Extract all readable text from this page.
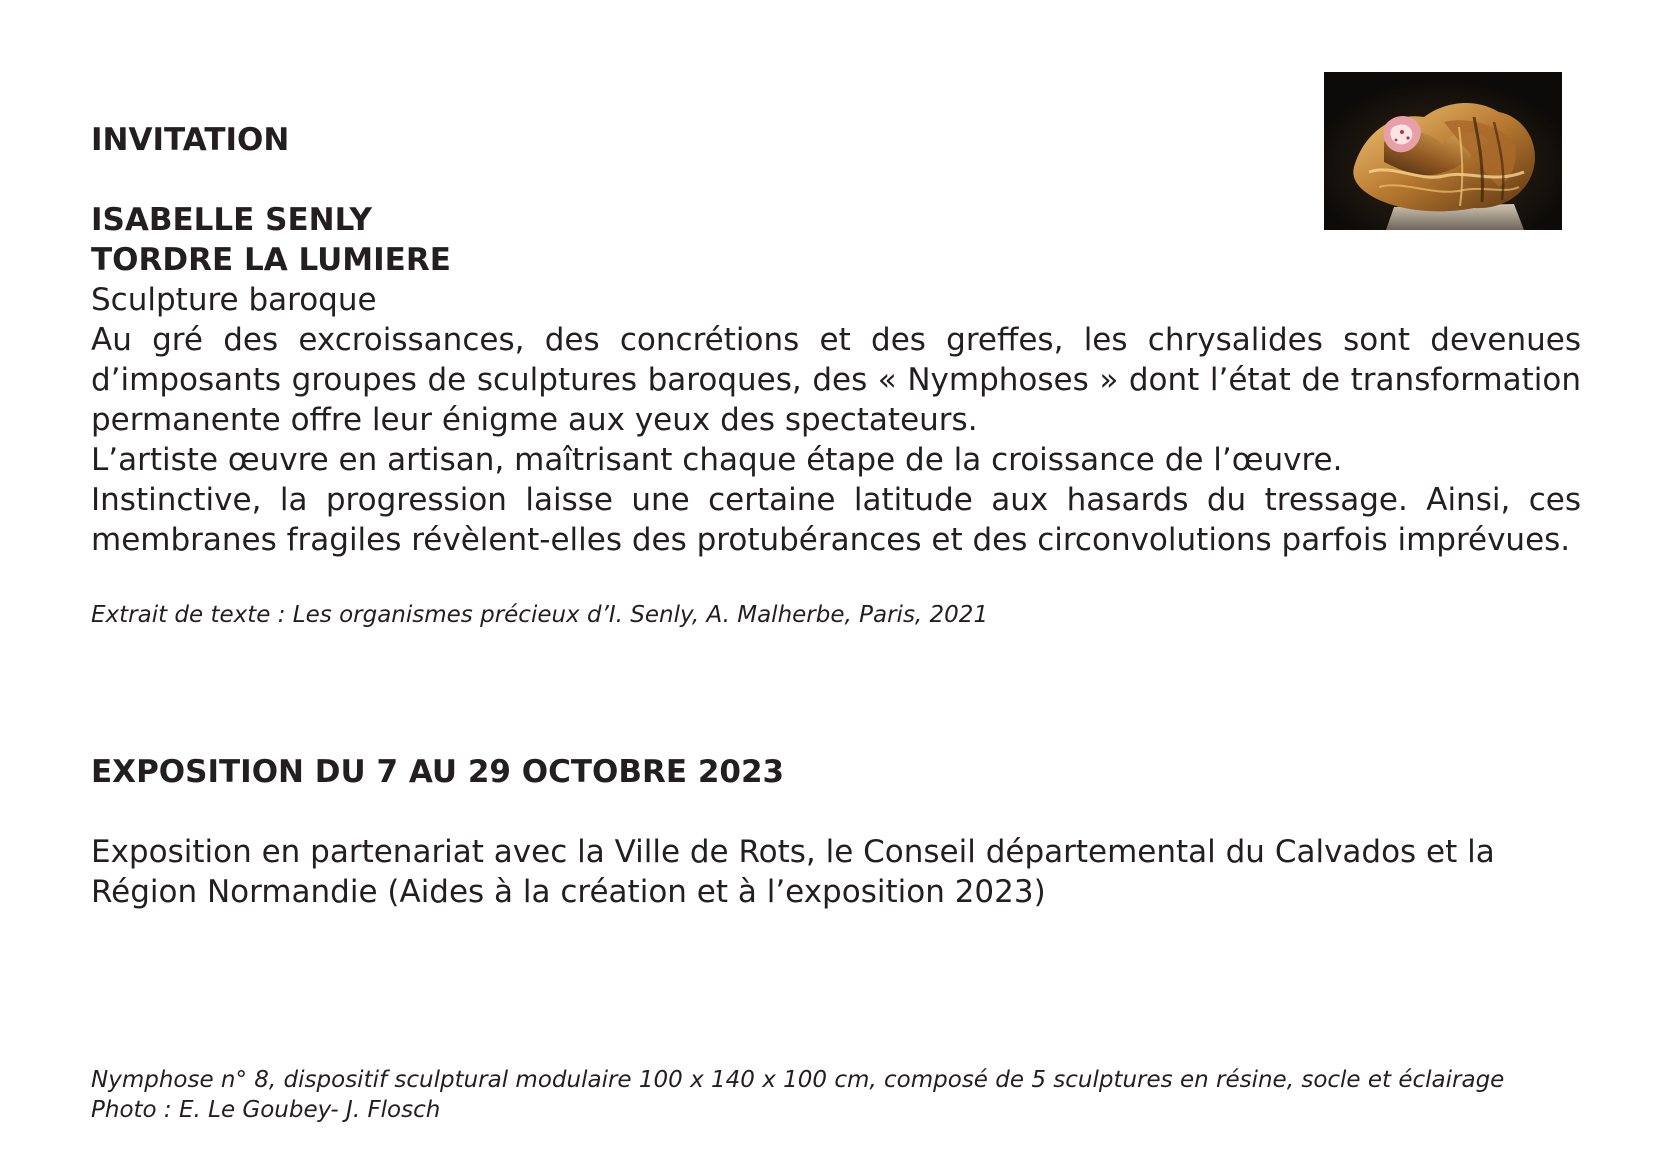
INVITATION
ISABELLE SENLY
TORDRE LA LUMIERE
Sculpture baroque

Au gré des excroissances, des concrétions et des greffes, les chrysalides sont devenues d’imposants groupes de sculptures baroques, des « Nymphoses » dont l’état de transformation permanente offre leur énigme aux yeux des spectateurs.

L’artiste œuvre en artisan, maîtrisant chaque étape de la croissance de l’œuvre.

Instinctive, la progression laisse une certaine latitude aux hasards du tressage. Ainsi, ces membranes fragiles révèlent-elles des protubérances et des circonvolutions parfois imprévues.

Extrait de texte : Les organismes précieux d’I. Senly, A. Malherbe, Paris, 2021
EXPOSITION DU 7 AU 29 OCTOBRE 2023
Exposition en partenariat avec la Ville de Rots, le Conseil départemental du Calvados et la Région Normandie (Aides à la création et à l’exposition 2023)
Nymphose n° 8, dispositif sculptural modulaire 100 x 140 x 100 cm, composé de 5 sculptures en résine, socle et éclairage
Photo : E. Le Goubey- J. Flosch
